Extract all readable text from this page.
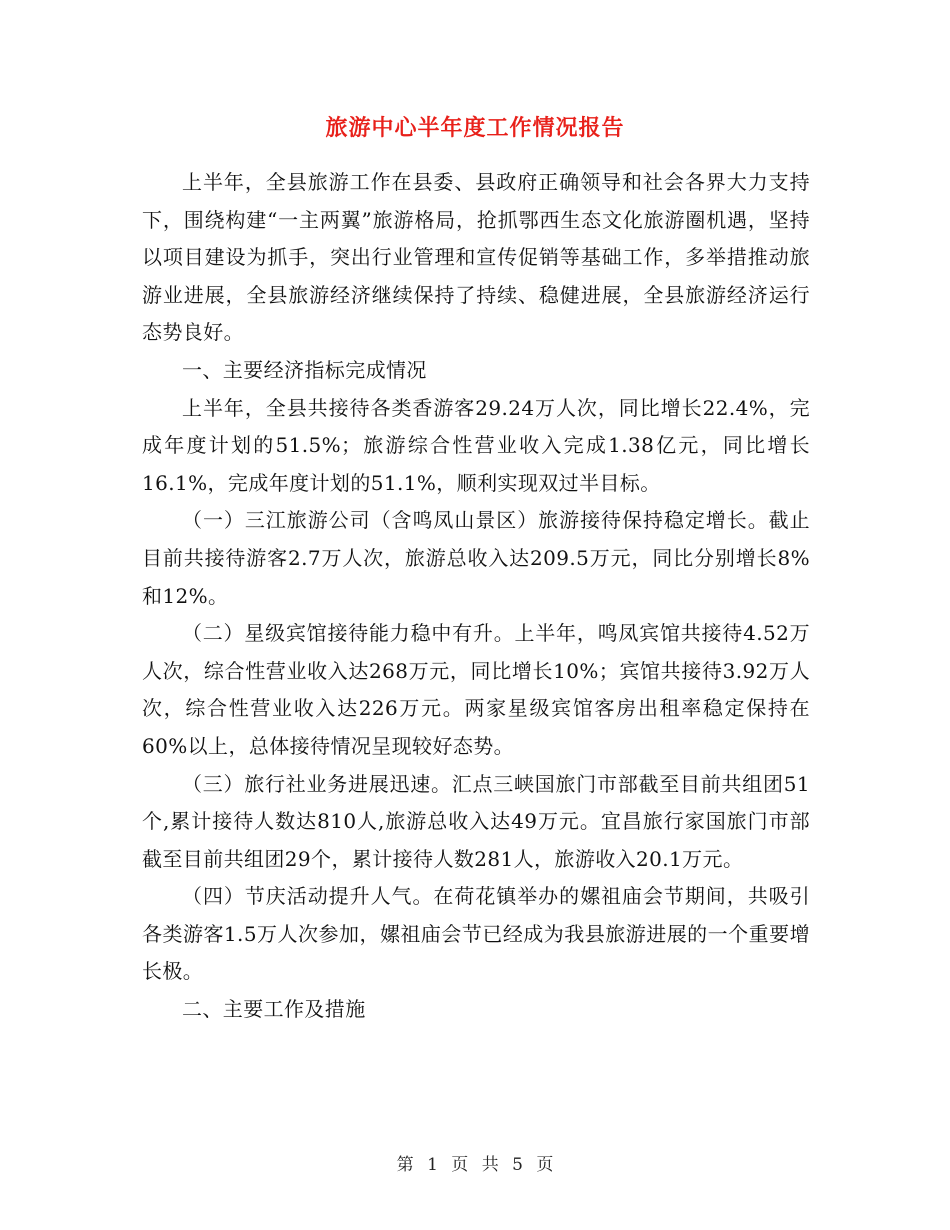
旅游中心半年度工作情况报告

上半年，全县旅游工作在县委、县政府正确领导和社会各界大力支持下，围绕构建“一主两翼”旅游格局，抢抓鄂西生态文化旅游圈机遇，坚持以项目建设为抓手，突出行业管理和宣传促销等基础工作，多举措推动旅游业进展，全县旅游经济继续保持了持续、稳健进展，全县旅游经济运行态势良好。

一、主要经济指标完成情况

上半年，全县共接待各类香游客29.24万人次，同比增长22.4%，完成年度计划的51.5%；旅游综合性营业收入完成1.38亿元，同比增长16.1%，完成年度计划的51.1%，顺利实现双过半目标。

（一）三江旅游公司（含鸣凤山景区）旅游接待保持稳定增长。截止目前共接待游客2.7万人次，旅游总收入达209.5万元，同比分别增长8%和12%。

（二）星级宾馆接待能力稳中有升。上半年，鸣凤宾馆共接待4.52万人次，综合性营业收入达268万元，同比增长10%；宾馆共接待3.92万人次，综合性营业收入达226万元。两家星级宾馆客房出租率稳定保持在60%以上，总体接待情况呈现较好态势。

（三）旅行社业务进展迅速。汇点三峡国旅门市部截至目前共组团51个,累计接待人数达810人,旅游总收入达49万元。宜昌旅行家国旅门市部截至目前共组团29个，累计接待人数281人，旅游收入20.1万元。

（四）节庆活动提升人气。在荷花镇举办的嫘祖庙会节期间，共吸引各类游客1.5万人次参加，嫘祖庙会节已经成为我县旅游进展的一个重要增长极。

二、主要工作及措施

第 1 页 共 5 页
